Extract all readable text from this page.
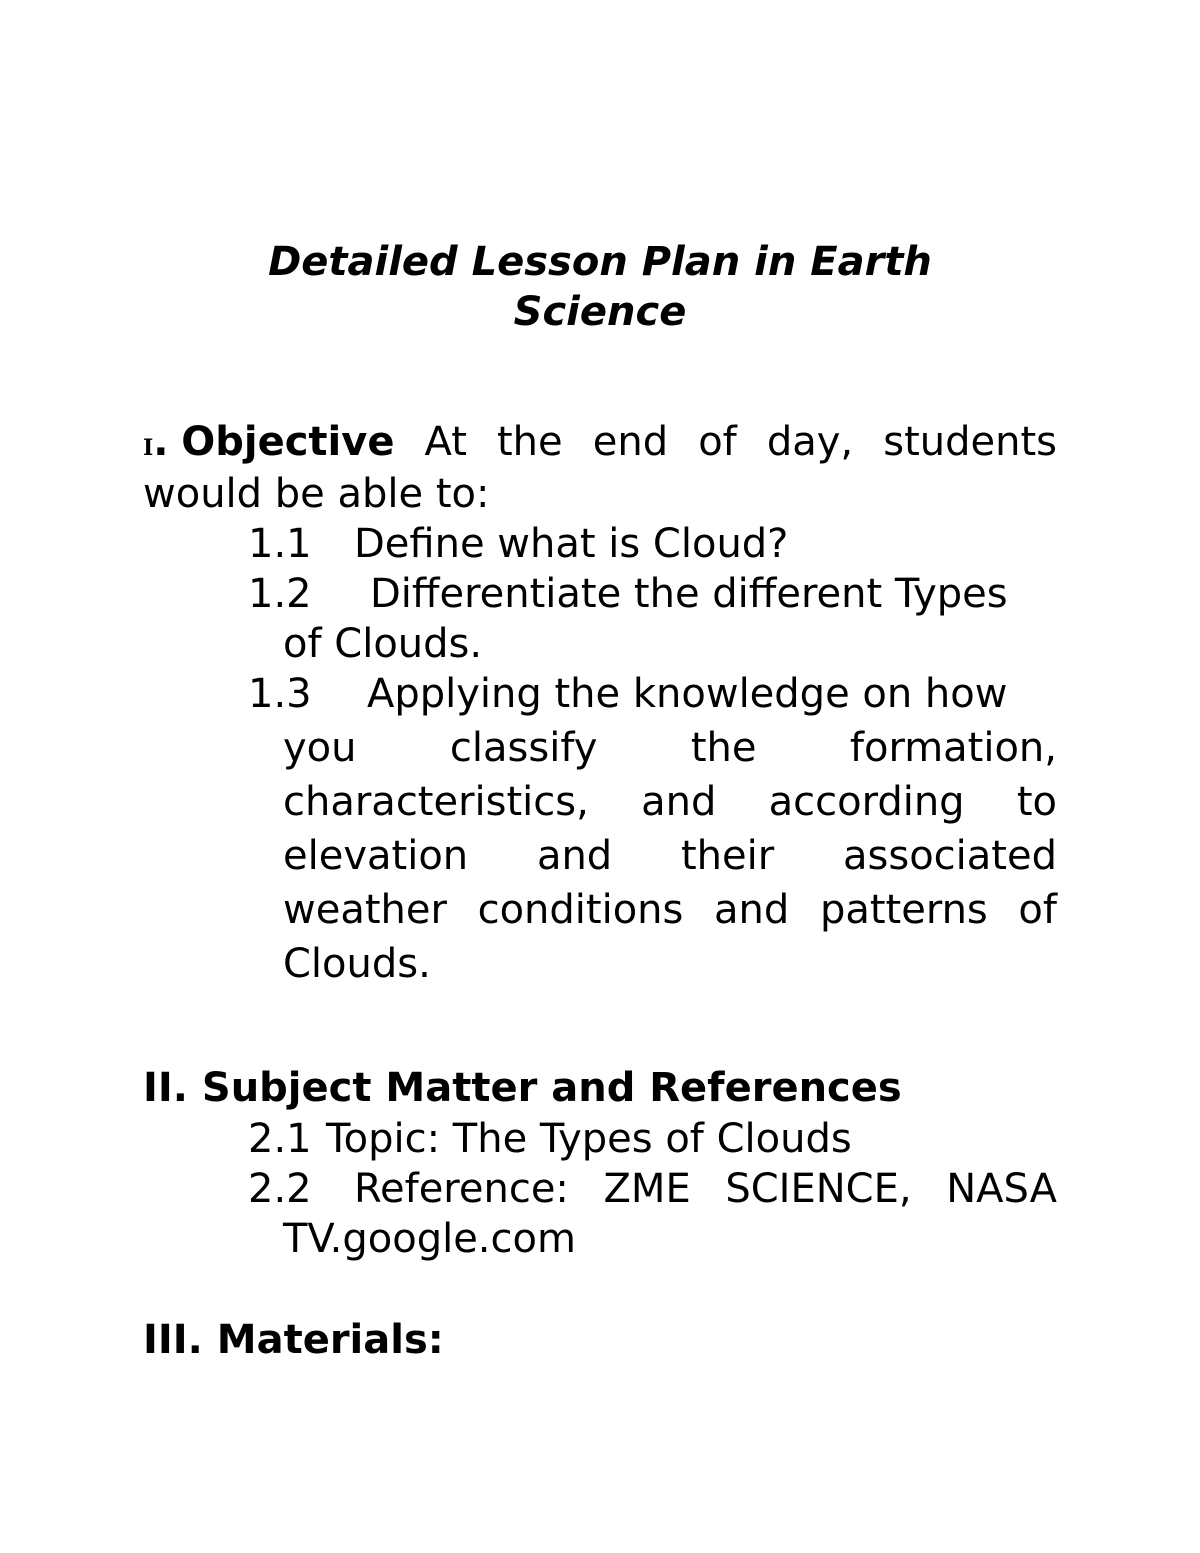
Detailed Lesson Plan in Earth
Science
I. Objective At the end of day, students
would be able to:
1.1 Define what is Cloud?
1.2 Differentiate the different Types
of Clouds.
1.3 Applying the knowledge on how
you classify the formation,
characteristics, and according to
elevation and their associated
weather conditions and patterns of
Clouds.
II. Subject Matter and References
2.1 Topic: The Types of Clouds
2.2 Reference: ZME SCIENCE, NASA
TV.google.com
III. Materials:
